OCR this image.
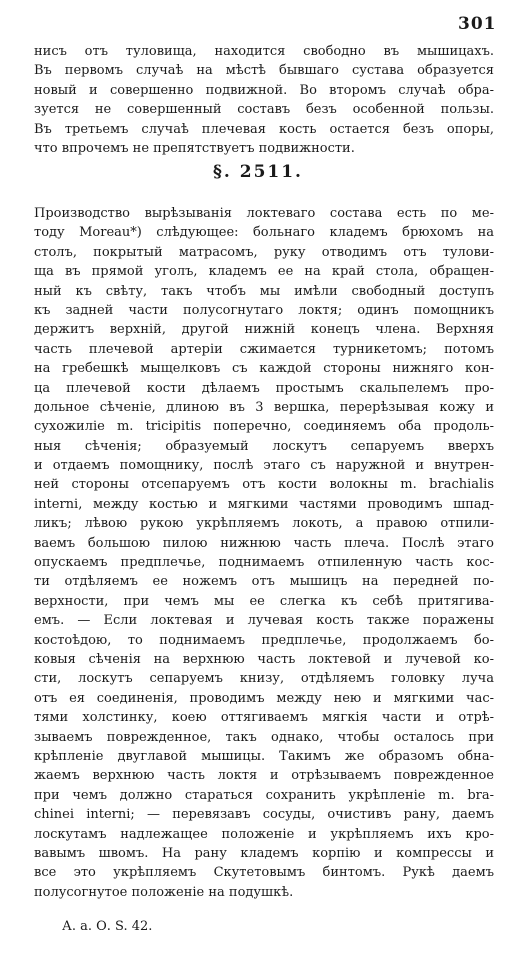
301
нисъ отъ туловища, находится свободно въ мышицахъ.
Въ первомъ случаѣ на мѣстѣ бывшаго сустава образуется
новый и совершенно подвижной. Во второмъ случаѣ обра-
зуется не совершенный составъ безъ особенной пользы.
Въ третьемъ случаѣ плечевая кость остается безъ опоры,
что впрочемъ не препятствуетъ подвижности.
§. 2511.
Производство вырѣзыванія локтеваго состава есть по ме-
тоду Moreau*) слѣдующее: больнаго кладемъ брюхомъ на
столъ, покрытый матрасомъ, руку отводимъ отъ тулови-
ща въ прямой уголъ, кладемъ ее на край стола, обращен-
ный къ свѣту, такъ чтобъ мы имѣли свободный доступъ
къ задней части полусогнутаго локтя; одинъ помощникъ
держитъ верхній, другой нижній конецъ члена. Верхняя
часть плечевой артеріи сжимается турникетомъ; потомъ
на гребешкѣ мыщелковъ съ каждой стороны нижняго кон-
ца плечевой кости дѣлаемъ простымъ скальпелемъ про-
дольное сѣченіе, длиною въ 3 вершка, перерѣзывая кожу и
сухожиліе m. tricipitis поперечно, соединяемъ оба продоль-
ныя сѣченія; образуемый лоскутъ сепаруемъ вверхъ
и отдаемъ помощнику, послѣ этаго съ наружной и внутрен-
ней стороны отсепаруемъ отъ кости волокны m. brachialis
interni, между костью и мягкими частями проводимъ шпад-
ликъ; лѣвою рукою укрѣпляемъ локоть, а правою отпили-
ваемъ большою пилою нижнюю часть плеча. Послѣ этаго
опускаемъ предплечье, поднимаемъ отпиленную часть кос-
ти отдѣляемъ ее ножемъ отъ мышицъ на передней по-
верхности, при чемъ мы ее слегка къ себѣ притягива-
емъ. — Если локтевая и лучевая кость также поражены
костоѣдою, то поднимаемъ предплечье, продолжаемъ бо-
ковыя сѣченія на верхнюю часть локтевой и лучевой ко-
сти, лоскутъ сепаруемъ книзу, отдѣляемъ головку луча
отъ ея соединенія, проводимъ между нею и мягкими час-
тями холстинку, коею оттягиваемъ мягкія части и отрѣ-
зываемъ поврежденное, такъ однако, чтобы осталось при
крѣпленіе двуглавой мышицы. Такимъ же образомъ обна-
жаемъ верхнюю часть локтя и отрѣзываемъ поврежденное
при чемъ должно стараться сохранить укрѣпленіе m. bra-
chinei interni; — перевязавъ сосуды, очистивъ рану, даемъ
лоскутамъ надлежащее положеніе и укрѣпляемъ ихъ кро-
вавымъ швомъ. На рану кладемъ корпію и компрессы и
все это укрѣпляемъ Скутетовымъ бинтомъ. Рукѣ даемъ
полусогнутое положеніе на подушкѣ.
А. а. О. S. 42.
